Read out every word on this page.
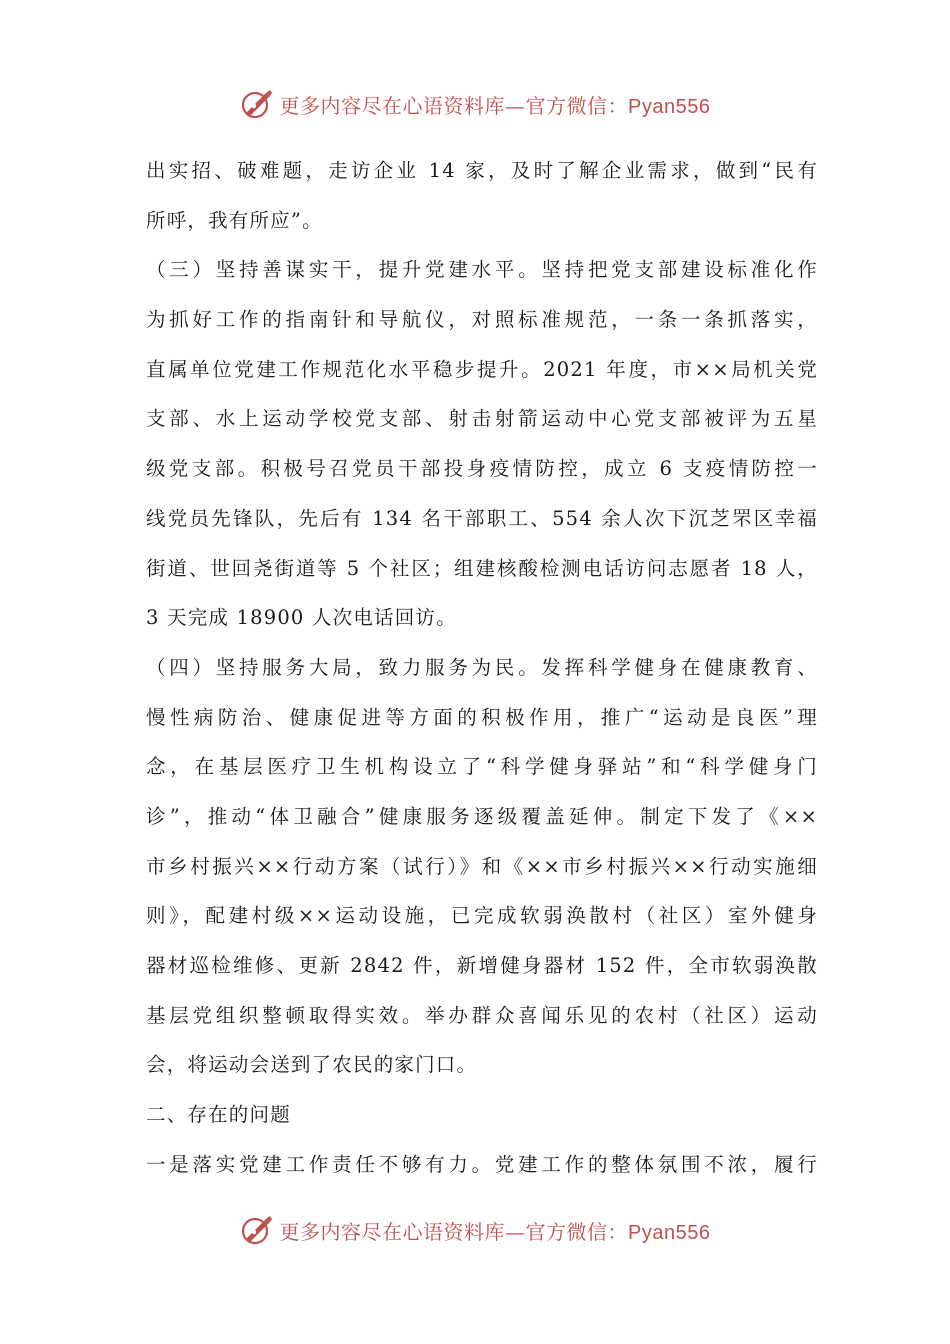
更多内容尽在心语资料库—官方微信：Pyan556
出实招、破难题，走访企业 14 家，及时了解企业需求，做到“民有
所呼，我有所应”。
（三）坚持善谋实干，提升党建水平。坚持把党支部建设标准化作
为抓好工作的指南针和导航仪，对照标准规范，一条一条抓落实，
直属单位党建工作规范化水平稳步提升。2021 年度，市××局机关党
支部、水上运动学校党支部、射击射箭运动中心党支部被评为五星
级党支部。积极号召党员干部投身疫情防控，成立 6 支疫情防控一
线党员先锋队，先后有 134 名干部职工、554 余人次下沉芝罘区幸福
街道、世回尧街道等 5 个社区；组建核酸检测电话访问志愿者 18 人，
3 天完成 18900 人次电话回访。
（四）坚持服务大局，致力服务为民。发挥科学健身在健康教育、
慢性病防治、健康促进等方面的积极作用，推广“运动是良医”理
念，在基层医疗卫生机构设立了“科学健身驿站”和“科学健身门
诊”，推动“体卫融合”健康服务逐级覆盖延伸。制定下发了《××
市乡村振兴××行动方案（试行）》和《××市乡村振兴××行动实施细
则》，配建村级××运动设施，已完成软弱涣散村（社区）室外健身
器材巡检维修、更新 2842 件，新增健身器材 152 件，全市软弱涣散
基层党组织整顿取得实效。举办群众喜闻乐见的农村（社区）运动
会，将运动会送到了农民的家门口。
二、存在的问题
一是落实党建工作责任不够有力。党建工作的整体氛围不浓，履行
更多内容尽在心语资料库—官方微信：Pyan556
